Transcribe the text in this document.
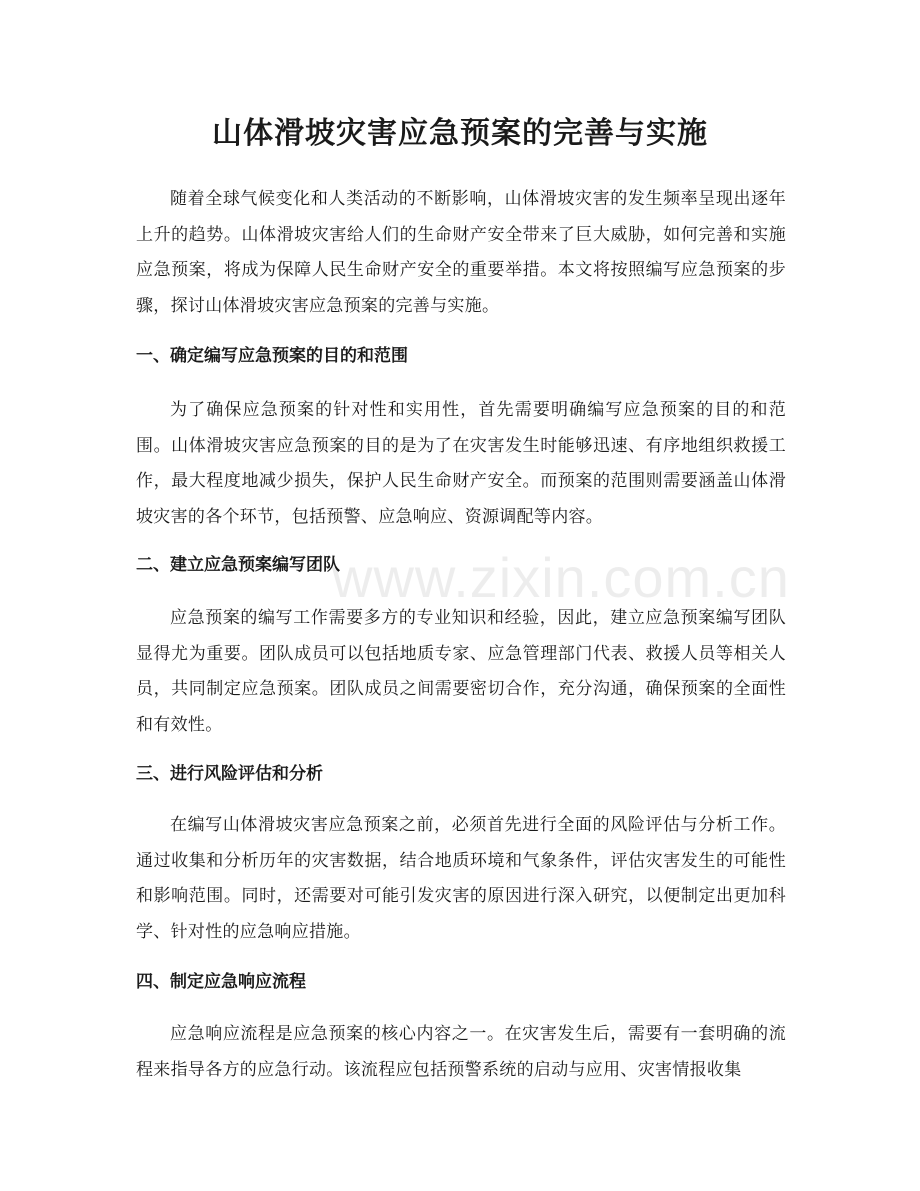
山体滑坡灾害应急预案的完善与实施

随着全球气候变化和人类活动的不断影响，山体滑坡灾害的发生频率呈现出逐年上升的趋势。山体滑坡灾害给人们的生命财产安全带来了巨大威胁，如何完善和实施应急预案，将成为保障人民生命财产安全的重要举措。本文将按照编写应急预案的步骤，探讨山体滑坡灾害应急预案的完善与实施。

一、确定编写应急预案的目的和范围

为了确保应急预案的针对性和实用性，首先需要明确编写应急预案的目的和范围。山体滑坡灾害应急预案的目的是为了在灾害发生时能够迅速、有序地组织救援工作，最大程度地减少损失，保护人民生命财产安全。而预案的范围则需要涵盖山体滑坡灾害的各个环节，包括预警、应急响应、资源调配等内容。

二、建立应急预案编写团队

应急预案的编写工作需要多方的专业知识和经验，因此，建立应急预案编写团队显得尤为重要。团队成员可以包括地质专家、应急管理部门代表、救援人员等相关人员，共同制定应急预案。团队成员之间需要密切合作，充分沟通，确保预案的全面性和有效性。

三、进行风险评估和分析

在编写山体滑坡灾害应急预案之前，必须首先进行全面的风险评估与分析工作。通过收集和分析历年的灾害数据，结合地质环境和气象条件，评估灾害发生的可能性和影响范围。同时，还需要对可能引发灾害的原因进行深入研究，以便制定出更加科学、针对性的应急响应措施。

四、制定应急响应流程

应急响应流程是应急预案的核心内容之一。在灾害发生后，需要有一套明确的流程来指导各方的应急行动。该流程应包括预警系统的启动与应用、灾害情报收集

www.zixin.com.cn
